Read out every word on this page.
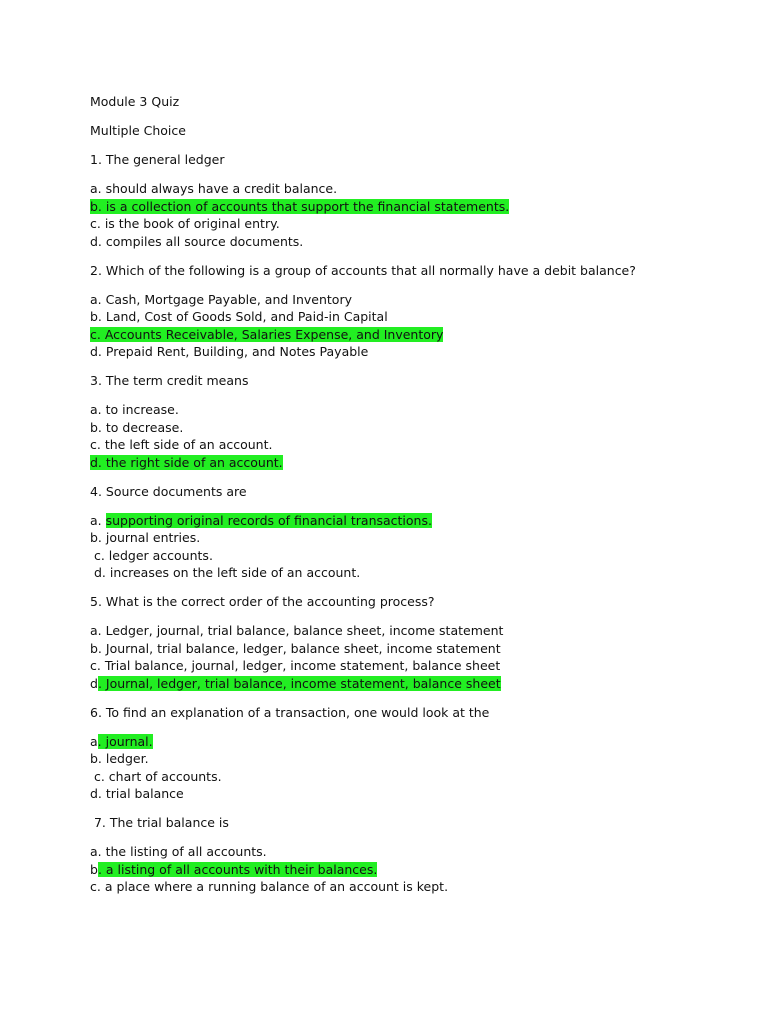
Module 3 Quiz
Multiple Choice
1. The general ledger
a. should always have a credit balance.
b. is a collection of accounts that support the financial statements.
c. is the book of original entry.
d. compiles all source documents.
2. Which of the following is a group of accounts that all normally have a debit balance?
a. Cash, Mortgage Payable, and Inventory
b. Land, Cost of Goods Sold, and Paid-in Capital
c. Accounts Receivable, Salaries Expense, and Inventory
d. Prepaid Rent, Building, and Notes Payable
3. The term credit means
a. to increase.
b. to decrease.
c. the left side of an account.
d. the right side of an account.
4. Source documents are
a. supporting original records of financial transactions.
b. journal entries.
c. ledger accounts.
d. increases on the left side of an account.
5. What is the correct order of the accounting process?
a. Ledger, journal, trial balance, balance sheet, income statement
b. Journal, trial balance, ledger, balance sheet, income statement
c. Trial balance, journal, ledger, income statement, balance sheet
d. Journal, ledger, trial balance, income statement, balance sheet
6. To find an explanation of a transaction, one would look at the
a. journal.
b. ledger.
c. chart of accounts.
d. trial balance
7. The trial balance is
a. the listing of all accounts.
b. a listing of all accounts with their balances.
c. a place where a running balance of an account is kept.
